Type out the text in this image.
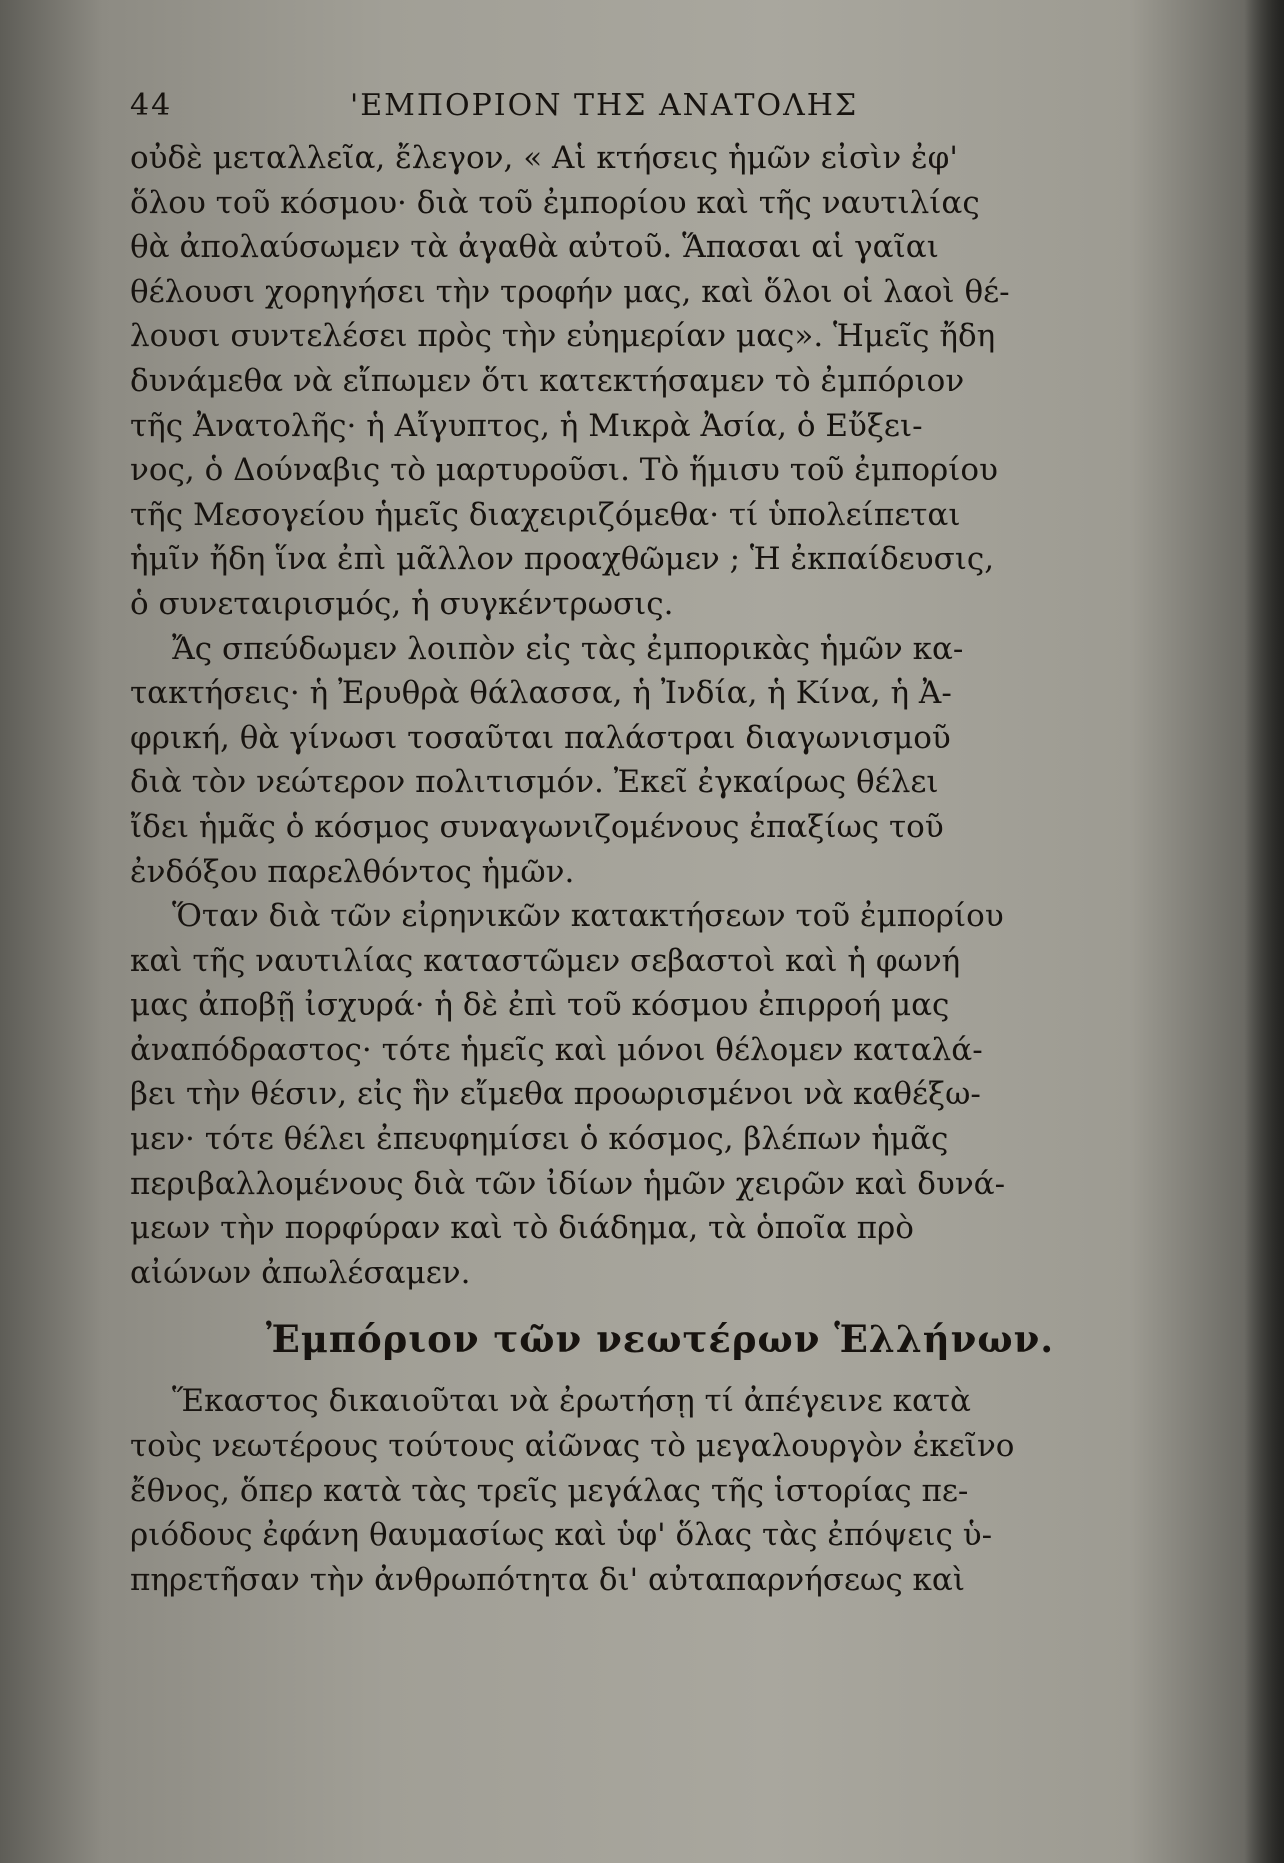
44	'ΕΜΠΟΡΙΟΝ ΤΗΣ ΑΝΑΤΟΛΗΣ
οὐδὲ μεταλλεῖα, ἔλεγον, « Αἱ κτήσεις ἡμῶν εἰσὶν ἐφ'
ὅλου τοῦ κόσμου· διὰ τοῦ ἐμπορίου καὶ τῆς ναυτιλίας
θὰ ἀπολαύσωμεν τὰ ἀγαθὰ αὐτοῦ. Ἅπασαι αἱ γαῖαι
θέλουσι χορηγήσει τὴν τροφήν μας, καὶ ὅλοι οἱ λαοὶ θέ-
λουσι συντελέσει πρὸς τὴν εὐημερίαν μας». Ἡμεῖς ἤδη
δυνάμεθα νὰ εἴπωμεν ὅτι κατεκτήσαμεν τὸ ἐμπόριον
τῆς Ἀνατολῆς· ἡ Αἴγυπτος, ἡ Μικρὰ Ἀσία, ὁ Εὔξει-
νος, ὁ Δούναβις τὸ μαρτυροῦσι. Τὸ ἥμισυ τοῦ ἐμπορίου
τῆς Μεσογείου ἡμεῖς διαχειριζόμεθα· τί ὑπολείπεται
ἡμῖν ἤδη ἵνα ἐπὶ μᾶλλον προαχθῶμεν ; Ἡ ἐκπαίδευσις,
ὁ συνεταιρισμός, ἡ συγκέντρωσις.
Ἄς σπεύδωμεν λοιπὸν εἰς τὰς ἐμπορικὰς ἡμῶν κα-
τακτήσεις· ἡ Ἐρυθρὰ θάλασσα, ἡ Ἰνδία, ἡ Κίνα, ἡ Ἀ-
φρική, θὰ γίνωσι τοσαῦται παλάστραι διαγωνισμοῦ
διὰ τὸν νεώτερον πολιτισμόν. Ἐκεῖ ἐγκαίρως θέλει
ἴδει ἡμᾶς ὁ κόσμος συναγωνιζομένους ἐπαξίως τοῦ
ἐνδόξου παρελθόντος ἡμῶν.
Ὅταν διὰ τῶν εἰρηνικῶν κατακτήσεων τοῦ ἐμπορίου
καὶ τῆς ναυτιλίας καταστῶμεν σεβαστοὶ καὶ ἡ φωνή
μας ἀποβῇ ἰσχυρά· ἡ δὲ ἐπὶ τοῦ κόσμου ἐπιρροή μας
ἀναπόδραστος· τότε ἡμεῖς καὶ μόνοι θέλομεν καταλά-
βει τὴν θέσιν, εἰς ἣν εἴμεθα προωρισμένοι νὰ καθέξω-
μεν· τότε θέλει ἐπευφημίσει ὁ κόσμος, βλέπων ἡμᾶς
περιβαλλομένους διὰ τῶν ἰδίων ἡμῶν χειρῶν καὶ δυνά-
μεων τὴν πορφύραν καὶ τὸ διάδημα, τὰ ὁποῖα πρὸ
αἰώνων ἀπωλέσαμεν.
Ἐμπόριον τῶν νεωτέρων Ἑλλήνων.
Ἕκαστος δικαιοῦται νὰ ἐρωτήσῃ τί ἀπέγεινε κατὰ
τοὺς νεωτέρους τούτους αἰῶνας τὸ μεγαλουργὸν ἐκεῖνο
ἔθνος, ὅπερ κατὰ τὰς τρεῖς μεγάλας τῆς ἱστορίας πε-
ριόδους ἐφάνη θαυμασίως καὶ ὑφ' ὅλας τὰς ἐπόψεις ὑ-
πηρετῆσαν τὴν ἀνθρωπότητα δι' αὐταπαρνήσεως καὶ
